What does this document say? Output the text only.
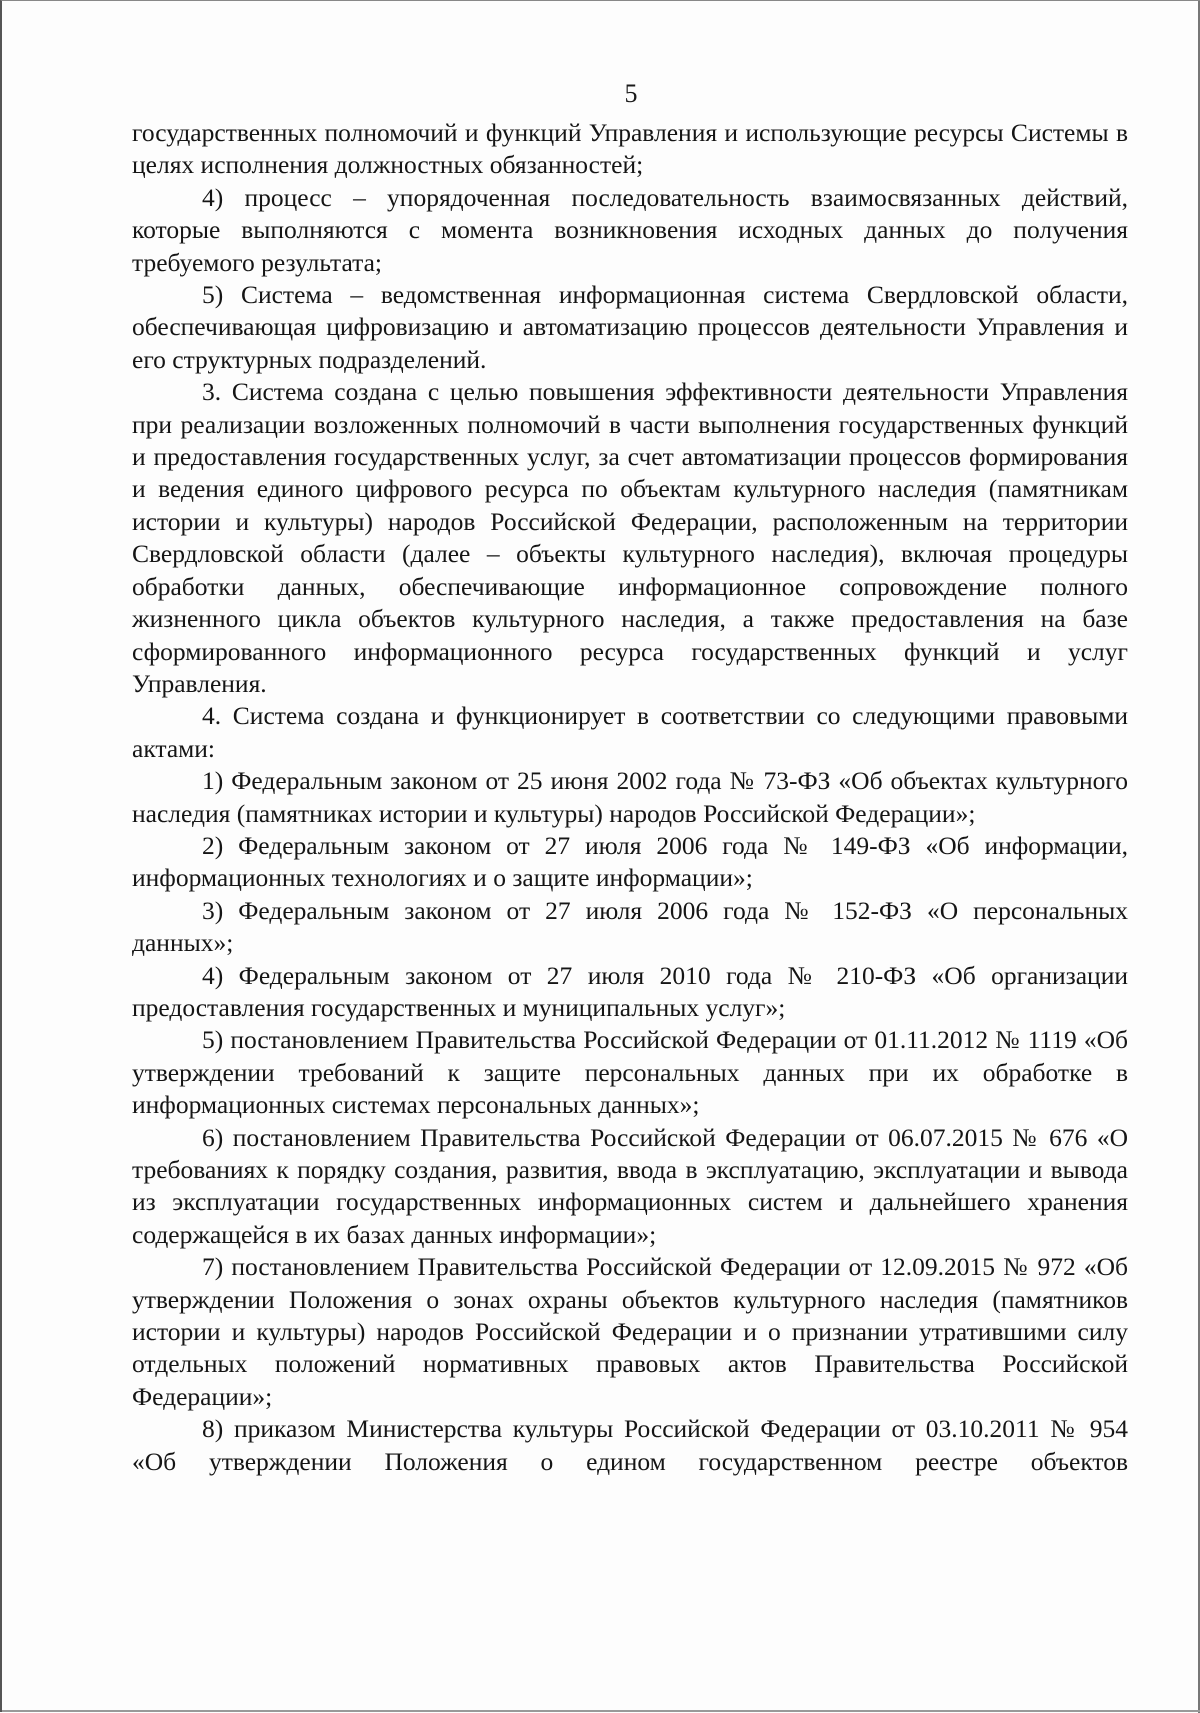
5

государственных полномочий и функций Управления и использующие ресурсы Системы в целях исполнения должностных обязанностей;

4) процесс – упорядоченная последовательность взаимосвязанных действий, которые выполняются с момента возникновения исходных данных до получения требуемого результата;

5) Система – ведомственная информационная система Свердловской области, обеспечивающая цифровизацию и автоматизацию процессов деятельности Управления и его структурных подразделений.

3. Система создана с целью повышения эффективности деятельности Управления при реализации возложенных полномочий в части выполнения государственных функций и предоставления государственных услуг, за счет автоматизации процессов формирования и ведения единого цифрового ресурса по объектам культурного наследия (памятникам истории и культуры) народов Российской Федерации, расположенным на территории Свердловской области (далее – объекты культурного наследия), включая процедуры обработки данных, обеспечивающие информационное сопровождение полного жизненного цикла объектов культурного наследия, а также предоставления на базе сформированного информационного ресурса государственных функций и услуг Управления.

4. Система создана и функционирует в соответствии со следующими правовыми актами:

1) Федеральным законом от 25 июня 2002 года № 73-ФЗ «Об объектах культурного наследия (памятниках истории и культуры) народов Российской Федерации»;

2) Федеральным законом от 27 июля 2006 года № 149-ФЗ «Об информации, информационных технологиях и о защите информации»;

3) Федеральным законом от 27 июля 2006 года № 152-ФЗ «О персональных данных»;

4) Федеральным законом от 27 июля 2010 года № 210-ФЗ «Об организации предоставления государственных и муниципальных услуг»;

5) постановлением Правительства Российской Федерации от 01.11.2012 № 1119 «Об утверждении требований к защите персональных данных при их обработке в информационных системах персональных данных»;

6) постановлением Правительства Российской Федерации от 06.07.2015 № 676 «О требованиях к порядку создания, развития, ввода в эксплуатацию, эксплуатации и вывода из эксплуатации государственных информационных систем и дальнейшего хранения содержащейся в их базах данных информации»;

7) постановлением Правительства Российской Федерации от 12.09.2015 № 972 «Об утверждении Положения о зонах охраны объектов культурного наследия (памятников истории и культуры) народов Российской Федерации и о признании утратившими силу отдельных положений нормативных правовых актов Правительства Российской Федерации»;

8) приказом Министерства культуры Российской Федерации от 03.10.2011 № 954 «Об утверждении Положения о едином государственном реестре объектов
